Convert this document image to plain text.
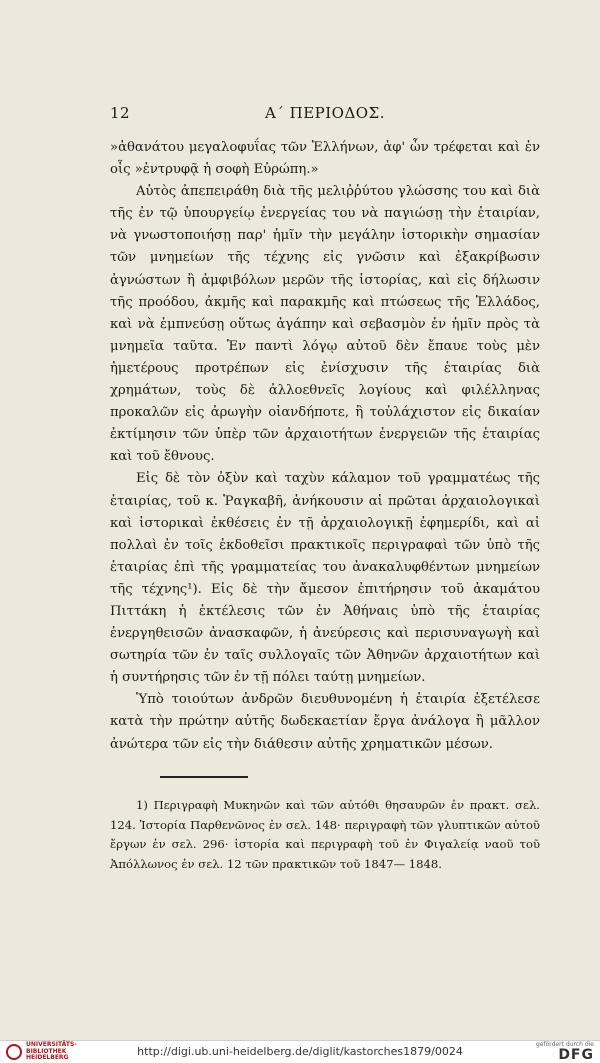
12	Α΄ ΠΕΡΙΟΔΟΣ.

»ἀθανάτου μεγαλοφυΐας τῶν Ἑλλήνων, ἀφ' ὧν τρέφεται καὶ ἐν οἷς »ἐντρυφᾷ ἡ σοφὴ Εὐρώπη.»

Αὐτὸς ἀπεπειράθη διὰ τῆς μελιῤῥύτου γλώσσης του καὶ διὰ τῆς ἐν τῷ ὑπουργείῳ ἐνεργείας του νὰ παγιώσῃ τὴν ἑταιρίαν, νὰ γνωστοποιήσῃ παρ' ἡμῖν τὴν μεγάλην ἱστορικὴν σημασίαν τῶν μνημείων τῆς τέχνης εἰς γνῶσιν καὶ ἐξακρίβωσιν ἀγνώστων ἢ ἀμφιβόλων μερῶν τῆς ἱστορίας, καὶ εἰς δήλωσιν τῆς προόδου, ἀκμῆς καὶ παρακμῆς καὶ πτώσεως τῆς Ἑλλάδος, καὶ νὰ ἐμπνεύσῃ οὕτως ἀγάπην καὶ σεβασμὸν ἐν ἡμῖν πρὸς τὰ μνημεῖα ταῦτα. Ἐν παντὶ λόγῳ αὐτοῦ δὲν ἔπαυε τοὺς μὲν ἡμετέρους προτρέπων εἰς ἐνίσχυσιν τῆς ἑταιρίας διὰ χρημάτων, τοὺς δὲ ἀλλοεθνεῖς λογίους καὶ φιλέλληνας προκαλῶν εἰς ἀρωγὴν οἱανδήποτε, ἢ τοὐλάχιστον εἰς δικαίαν ἐκτίμησιν τῶν ὑπὲρ τῶν ἀρχαιοτήτων ἐνεργειῶν τῆς ἑταιρίας καὶ τοῦ ἔθνους.

Εἰς δὲ τὸν ὀξὺν καὶ ταχὺν κάλαμον τοῦ γραμματέως τῆς ἑταιρίας, τοῦ κ. Ῥαγκαβῆ, ἀνήκουσιν αἱ πρῶται ἀρχαιολογικαὶ καὶ ἱστορικαὶ ἐκθέσεις ἐν τῇ ἀρχαιολογικῇ ἐφημερίδι, καὶ αἱ πολλαὶ ἐν τοῖς ἐκδοθεῖσι πρακτικοῖς περιγραφαὶ τῶν ὑπὸ τῆς ἑταιρίας ἐπὶ τῆς γραμματείας του ἀνακαλυφθέντων μνημείων τῆς τέχνης¹). Εἰς δὲ τὴν ἄμεσον ἐπιτήρησιν τοῦ ἀκαμάτου Πιττάκη ἡ ἐκτέλεσις τῶν ἐν Ἀθήναις ὑπὸ τῆς ἑταιρίας ἐνεργηθεισῶν ἀνασκαφῶν, ἡ ἀνεύρεσις καὶ περισυναγωγὴ καὶ σωτηρία τῶν ἐν ταῖς συλλογαῖς τῶν Ἀθηνῶν ἀρχαιοτήτων καὶ ἡ συντήρησις τῶν ἐν τῇ πόλει ταύτῃ μνημείων.

Ὑπὸ τοιούτων ἀνδρῶν διευθυνομένη ἡ ἑταιρία ἐξετέλεσε κατὰ τὴν πρώτην αὐτῆς δωδεκαετίαν ἔργα ἀνάλογα ἢ μᾶλλον ἀνώτερα τῶν εἰς τὴν διάθεσιν αὐτῆς χρηματικῶν μέσων.

1) Περιγραφὴ Μυκηνῶν καὶ τῶν αὐτόθι θησαυρῶν ἐν πρακτ. σελ. 124. Ἱστορία Παρθενῶνος ἐν σελ. 148· περιγραφὴ τῶν γλυπτικῶν αὐτοῦ ἔργων ἐν σελ. 296· ἱστορία καὶ περιγραφὴ τοῦ ἐν Φιγαλείᾳ ναοῦ τοῦ Ἀπόλλωνος ἐν σελ. 12 τῶν πρακτικῶν τοῦ 1847— 1848.

UNIVERSITÄTS- BIBLIOTHEK HEIDELBERG	http://digi.ub.uni-heidelberg.de/diglit/kastorches1879/0024
gefördert durch die
DFG
